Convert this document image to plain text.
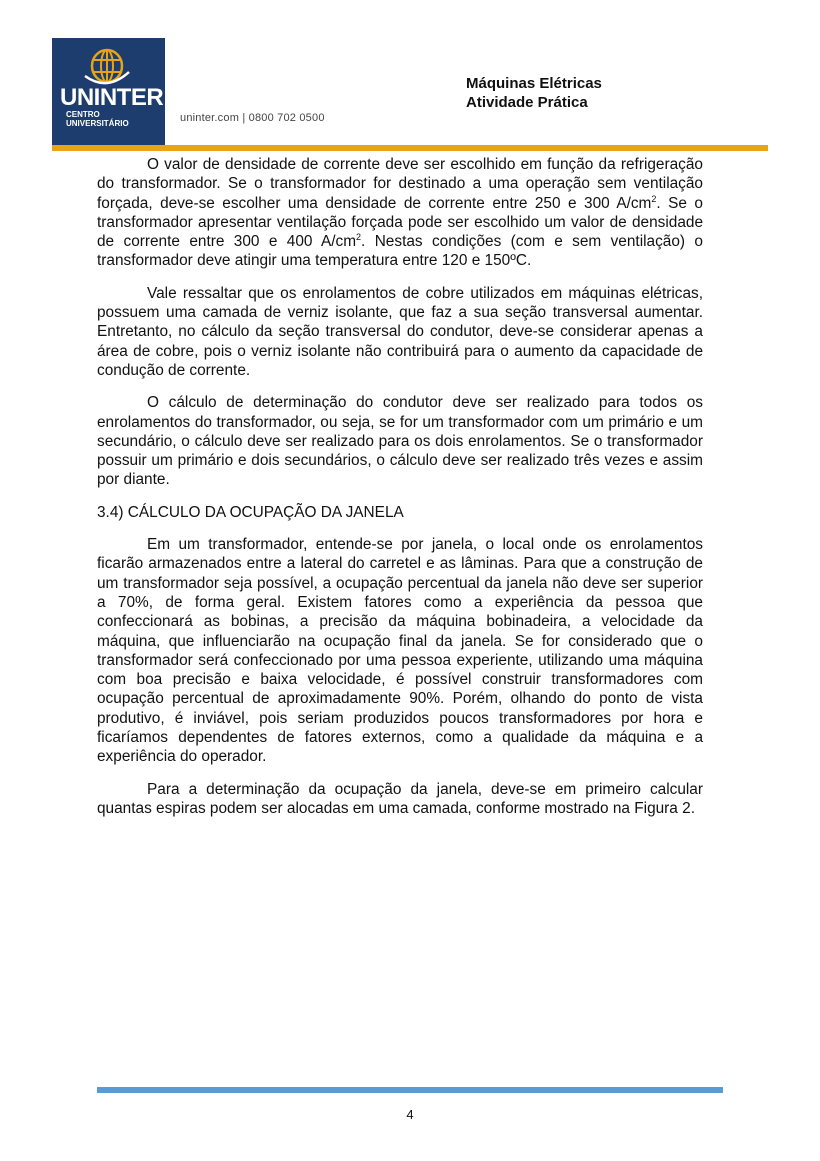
UNINTER
CENTRO
UNIVERSITÁRIO	uninter.com | 0800 702 0500
Máquinas Elétricas
Atividade Prática

O valor de densidade de corrente deve ser escolhido em função da refrigeração do transformador. Se o transformador for destinado a uma operação sem ventilação forçada, deve-se escolher uma densidade de corrente entre 250 e 300 $A/cm^2$. Se o transformador apresentar ventilação forçada pode ser escolhido um valor de densidade de corrente entre 300 e 400 $A/cm^2$. Nestas condições (com e sem ventilação) o transformador deve atingir uma temperatura entre 120 e 150ºC.

Vale ressaltar que os enrolamentos de cobre utilizados em máquinas elétricas, possuem uma camada de verniz isolante, que faz a sua seção transversal aumentar. Entretanto, no cálculo da seção transversal do condutor, deve-se considerar apenas a área de cobre, pois o verniz isolante não contribuirá para o aumento da capacidade de condução de corrente.

O cálculo de determinação do condutor deve ser realizado para todos os enrolamentos do transformador, ou seja, se for um transformador com um primário e um secundário, o cálculo deve ser realizado para os dois enrolamentos. Se o transformador possuir um primário e dois secundários, o cálculo deve ser realizado três vezes e assim por diante.

3.4) CÁLCULO DA OCUPAÇÃO DA JANELA

Em um transformador, entende-se por janela, o local onde os enrolamentos ficarão armazenados entre a lateral do carretel e as lâminas. Para que a construção de um transformador seja possível, a ocupação percentual da janela não deve ser superior a 70%, de forma geral. Existem fatores como a experiência da pessoa que confeccionará as bobinas, a precisão da máquina bobinadeira, a velocidade da máquina, que influenciarão na ocupação final da janela. Se for considerado que o transformador será confeccionado por uma pessoa experiente, utilizando uma máquina com boa precisão e baixa velocidade, é possível construir transformadores com ocupação percentual de aproximadamente 90%. Porém, olhando do ponto de vista produtivo, é inviável, pois seriam produzidos poucos transformadores por hora e ficaríamos dependentes de fatores externos, como a qualidade da máquina e a experiência do operador.

Para a determinação da ocupação da janela, deve-se em primeiro calcular quantas espiras podem ser alocadas em uma camada, conforme mostrado na Figura 2.

4
